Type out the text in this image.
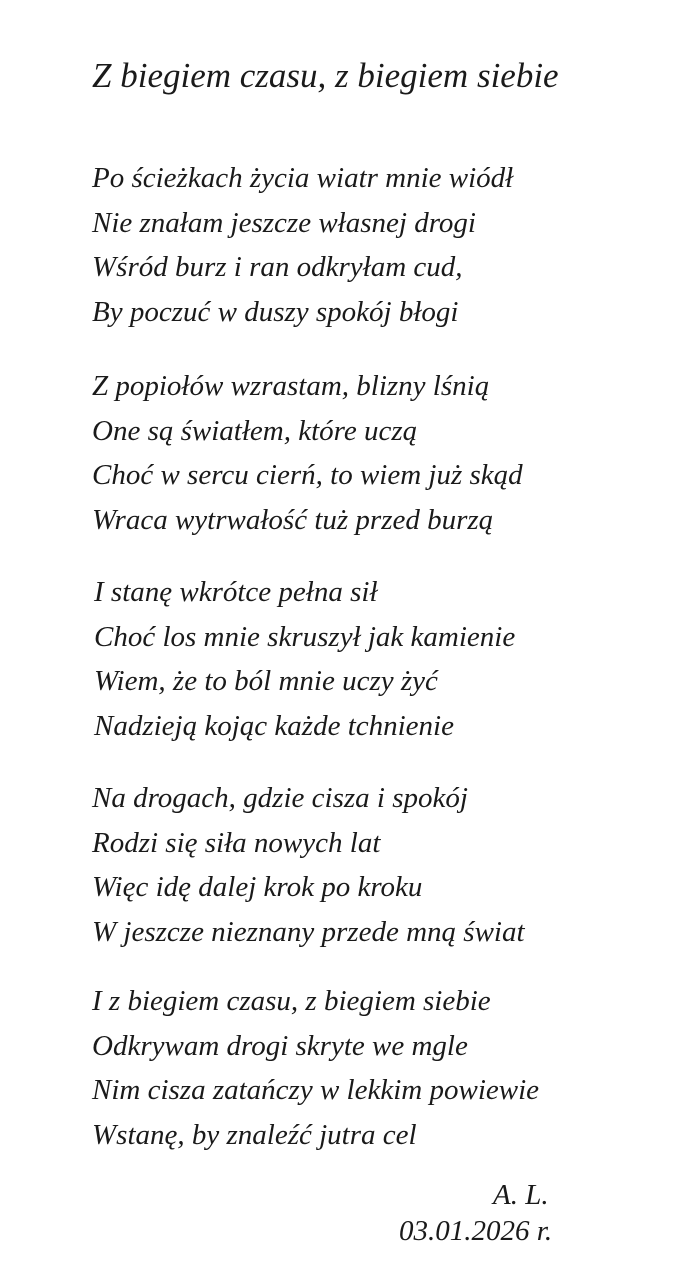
Z biegiem czasu, z biegiem siebie
Po ścieżkach życia wiatr mnie wiódł
Nie znałam jeszcze własnej drogi
Wśród burz i ran odkryłam cud,
By poczuć w duszy spokój błogi
Z popiołów wzrastam, blizny lśnią
One są światłem, które uczą
Choć w sercu cierń, to wiem już skąd
Wraca wytrwałość tuż przed burzą
I stanę wkrótce pełna sił
Choć los mnie skruszył jak kamienie
Wiem, że to ból mnie uczy żyć
Nadzieją kojąc każde tchnienie
Na drogach, gdzie cisza i spokój
Rodzi się siła nowych lat
Więc idę dalej krok po kroku
W jeszcze nieznany przede mną świat
I z biegiem czasu, z biegiem siebie
Odkrywam drogi skryte we mgle
Nim cisza zatańczy w lekkim powiewie
Wstanę, by znaleźć jutra cel
A. L.
03.01.2026 r.
